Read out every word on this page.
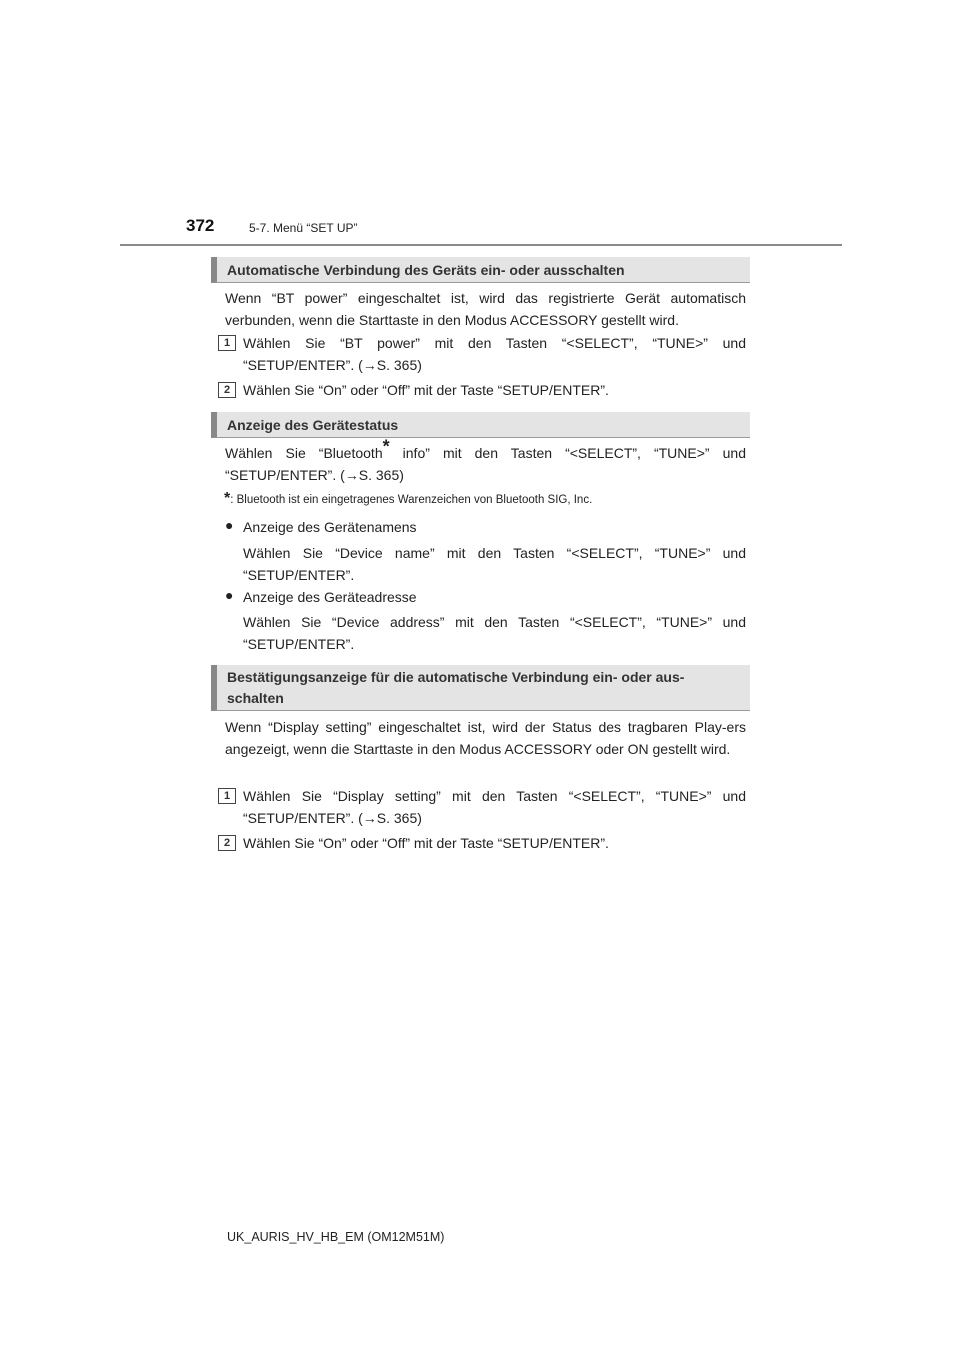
372	5-7. Menü “SET UP”
Automatische Verbindung des Geräts ein- oder ausschalten
Wenn “BT power” eingeschaltet ist, wird das registrierte Gerät automatisch verbunden, wenn die Starttaste in den Modus ACCESSORY gestellt wird.
1 Wählen Sie “BT power” mit den Tasten “<SELECT”, “TUNE>” und “SETUP/ENTER”. (→S. 365)
2 Wählen Sie “On” oder “Off” mit der Taste “SETUP/ENTER”.
Anzeige des Gerätestatus
Wählen Sie “Bluetooth* info” mit den Tasten “<SELECT”, “TUNE>” und “SETUP/ENTER”. (→S. 365)
*: Bluetooth ist ein eingetragenes Warenzeichen von Bluetooth SIG, Inc.
● Anzeige des Gerätenamens
Wählen Sie “Device name” mit den Tasten “<SELECT”, “TUNE>” und “SETUP/ENTER”.
● Anzeige des Geräteadresse
Wählen Sie “Device address” mit den Tasten “<SELECT”, “TUNE>” und “SETUP/ENTER”.
Bestätigungsanzeige für die automatische Verbindung ein- oder aus-schalten
Wenn “Display setting” eingeschaltet ist, wird der Status des tragbaren Play-ers angezeigt, wenn die Starttaste in den Modus ACCESSORY oder ON gestellt wird.
1 Wählen Sie “Display setting” mit den Tasten “<SELECT”, “TUNE>” und “SETUP/ENTER”. (→S. 365)
2 Wählen Sie “On” oder “Off” mit der Taste “SETUP/ENTER”.
UK_AURIS_HV_HB_EM (OM12M51M)
